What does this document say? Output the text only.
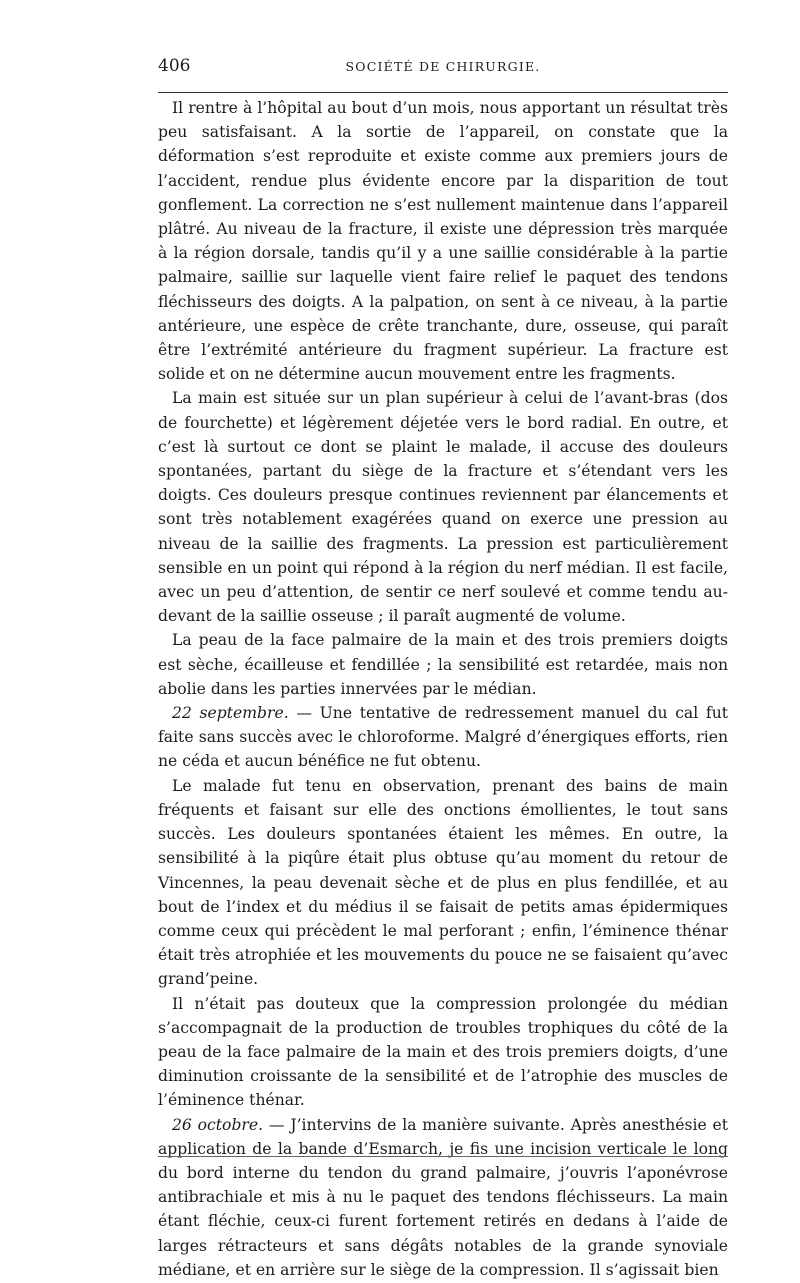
406	SOCIÉTÉ DE CHIRURGIE.

Il rentre à l’hôpital au bout d’un mois, nous apportant un résultat très peu satisfaisant. A la sortie de l’appareil, on constate que la déformation s’est reproduite et existe comme aux premiers jours de l’accident, rendue plus évidente encore par la disparition de tout gonflement. La correction ne s’est nullement maintenue dans l’appareil plâtré. Au niveau de la fracture, il existe une dépression très marquée à la région dorsale, tandis qu’il y a une saillie considérable à la partie palmaire, saillie sur laquelle vient faire relief le paquet des tendons fléchisseurs des doigts. A la palpation, on sent à ce niveau, à la partie antérieure, une espèce de crête tranchante, dure, osseuse, qui paraît être l’extrémité antérieure du fragment supérieur. La fracture est solide et on ne détermine aucun mouvement entre les fragments.

La main est située sur un plan supérieur à celui de l’avant-bras (dos de fourchette) et légèrement déjetée vers le bord radial. En outre, et c’est là surtout ce dont se plaint le malade, il accuse des douleurs spontanées, partant du siège de la fracture et s’étendant vers les doigts. Ces douleurs presque continues reviennent par élancements et sont très notablement exagérées quand on exerce une pression au niveau de la saillie des fragments. La pression est particulièrement sensible en un point qui répond à la région du nerf médian. Il est facile, avec un peu d’attention, de sentir ce nerf soulevé et comme tendu au-devant de la saillie osseuse ; il paraît augmenté de volume.

La peau de la face palmaire de la main et des trois premiers doigts est sèche, écailleuse et fendillée ; la sensibilité est retardée, mais non abolie dans les parties innervées par le médian.

22 septembre. — Une tentative de redressement manuel du cal fut faite sans succès avec le chloroforme. Malgré d’énergiques efforts, rien ne céda et aucun bénéfice ne fut obtenu.

Le malade fut tenu en observation, prenant des bains de main fréquents et faisant sur elle des onctions émollientes, le tout sans succès. Les douleurs spontanées étaient les mêmes. En outre, la sensibilité à la piqûre était plus obtuse qu’au moment du retour de Vincennes, la peau devenait sèche et de plus en plus fendillée, et au bout de l’index et du médius il se faisait de petits amas épidermiques comme ceux qui précèdent le mal perforant ; enfin, l’éminence thénar était très atrophiée et les mouvements du pouce ne se faisaient qu’avec grand’peine.

Il n’était pas douteux que la compression prolongée du médian s’accompagnait de la production de troubles trophiques du côté de la peau de la face palmaire de la main et des trois premiers doigts, d’une diminution croissante de la sensibilité et de l’atrophie des muscles de l’éminence thénar.

26 octobre. — J’intervins de la manière suivante. Après anesthésie et application de la bande d’Esmarch, je fis une incision verticale le long du bord interne du tendon du grand palmaire, j’ouvris l’aponévrose antibrachiale et mis à nu le paquet des tendons fléchisseurs. La main étant fléchie, ceux-ci furent fortement retirés en dedans à l’aide de larges rétracteurs et sans dégâts notables de la grande synoviale médiane, et en arrière sur le siège de la compression. Il s’agissait bien
